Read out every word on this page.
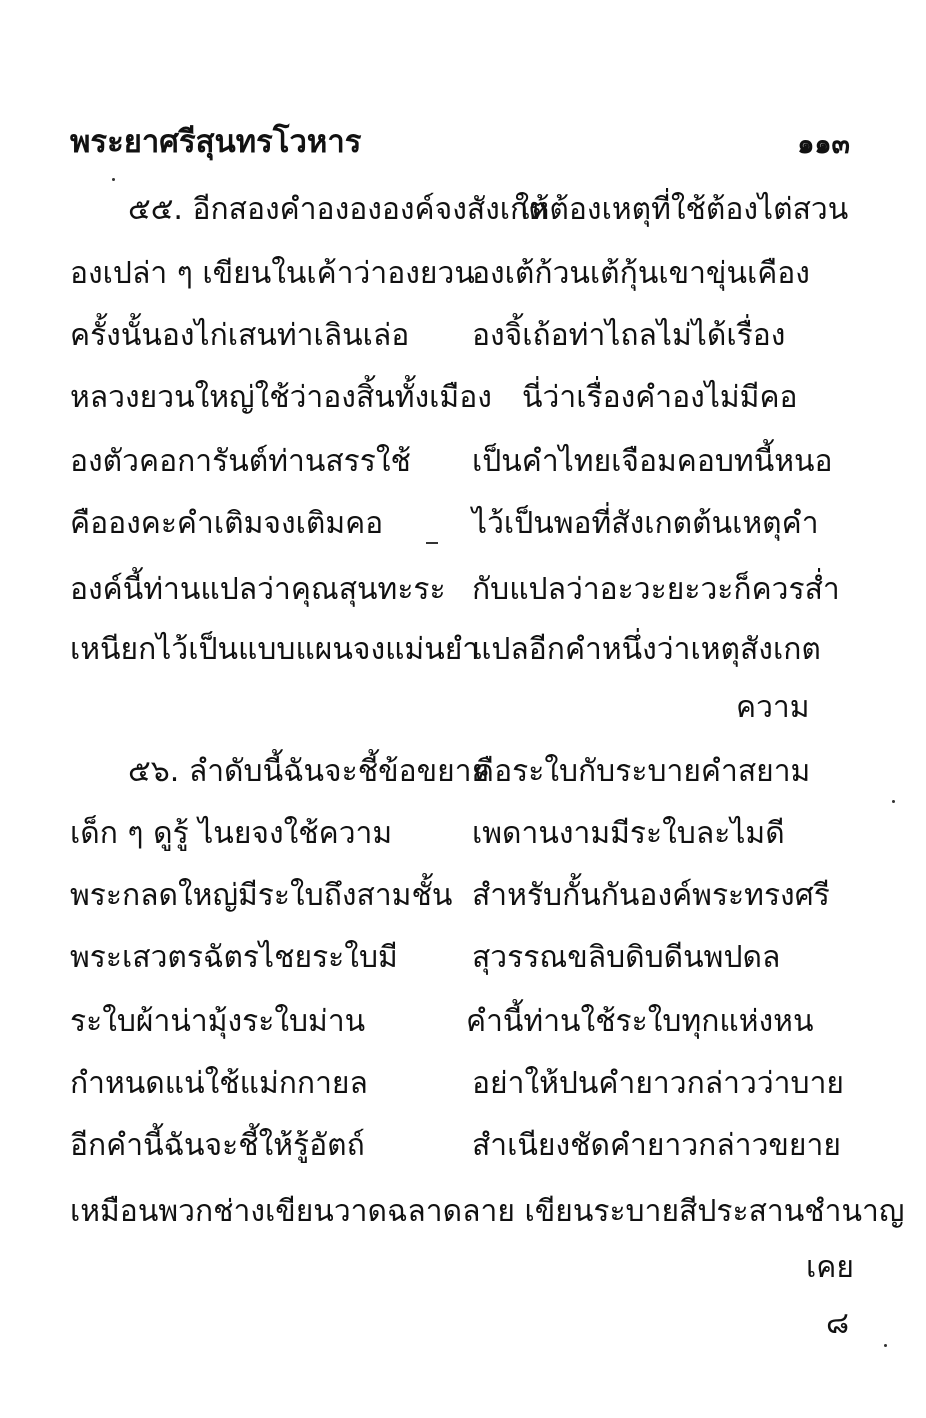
พระยาศรีสุนทรโวหาร	๑๑๓
๕๕. อีกสองคำองององค์จงสังเกต
ให้ต้องเหตุที่ใช้ต้องไต่สวน
องเปล่า ๆ เขียนในเค้าว่าองยวน
องเต้ก้วนเต้กุ้นเขาขุ่นเคือง
ครั้งนั้นองไก่เสนท่าเลินเล่อ องจิ้เถ้อท่าไถลไม่ได้เรื่อง
หลวงยวนใหญ่ใช้ว่าองสิ้นทั้งเมือง นี่ว่าเรื่องคำองไม่มีคอ
องตัวคอการันต์ท่านสรรใช้ เป็นคำไทยเจือมคอบทนี้หนอ
คือองคะคำเติมจงเติมคอ	ไว้เป็นพอที่สังเกตต้นเหตุคำ
องค์นี้ท่านแปลว่าคุณสุนทะระ กับแปลว่าอะวะยะวะก็ควรส่ำ
เหนียกไว้เป็นแบบแผนจงแม่นยำ
แปลอีกคำหนึ่งว่าเหตุสังเกต
ความ
๕๖. ลำดับนี้ฉันจะชี้ข้อขยาย
คือระใบกับระบายคำสยาม
เด็ก ๆ ดูรู้ ไนยจงใช้ความ	เพดานงามมีระใบละไมดี
พระกลดใหญ่มีระใบถึงสามชั้น สำหรับกั้นกันองค์พระทรงศรี
พระเสวตรฉัตรไชยระใบมี สุวรรณขลิบดิบดีนพปดล
ระใบผ้าน่ามุ้งระใบม่าน	คำนี้ท่านใช้ระใบทุกแห่งหน
กำหนดแน่ใช้แม่กกายล	อย่าให้ปนคำยาวกล่าวว่าบาย
อีกคำนี้ฉันจะชี้ให้รู้อัตถ์	สำเนียงชัดคำยาวกล่าวขยาย
เหมือนพวกช่างเขียนวาดฉลาดลาย เขียนระบายสีประสานชำนาญ
เคย
๘
